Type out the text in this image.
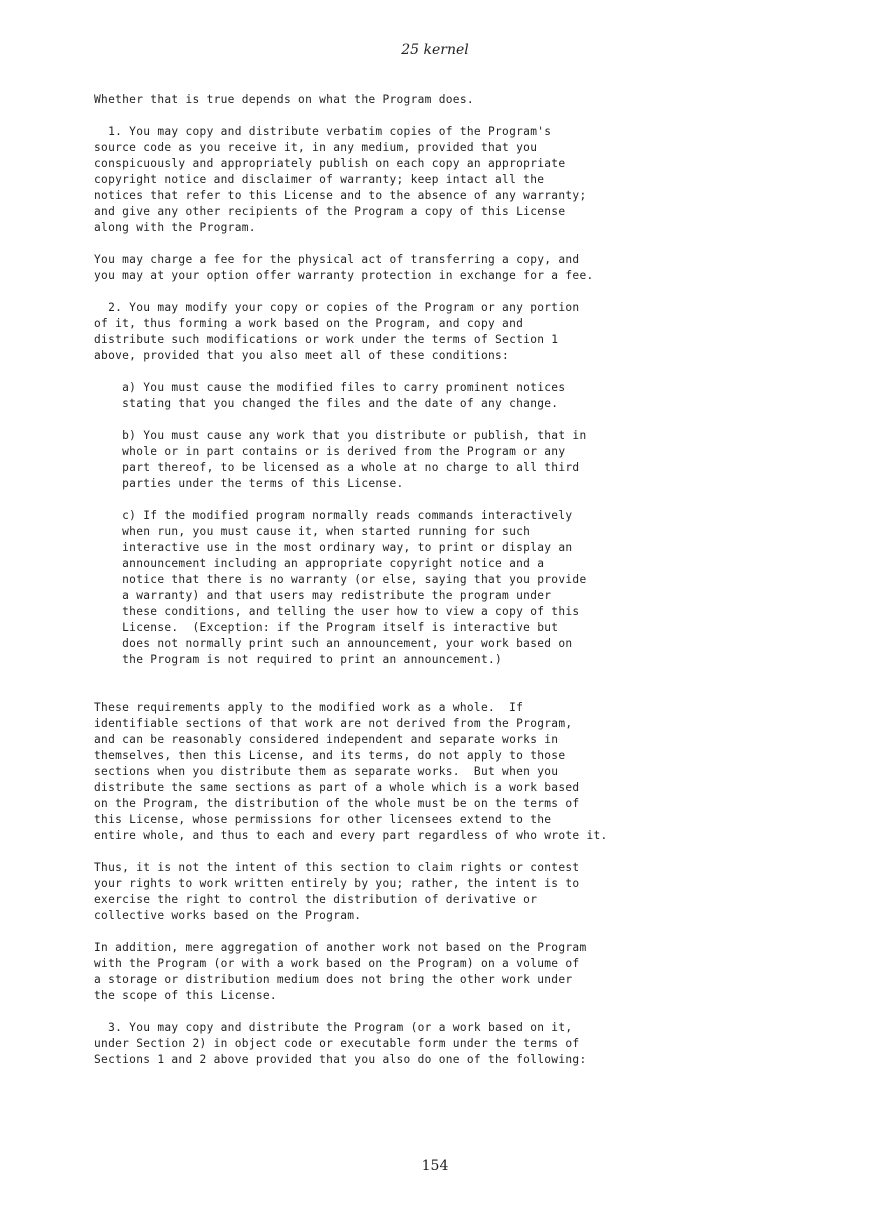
25 kernel
Whether that is true depends on what the Program does.

1. You may copy and distribute verbatim copies of the Program's
source code as you receive it, in any medium, provided that you
conspicuously and appropriately publish on each copy an appropriate
copyright notice and disclaimer of warranty; keep intact all the
notices that refer to this License and to the absence of any warranty;
and give any other recipients of the Program a copy of this License
along with the Program.

You may charge a fee for the physical act of transferring a copy, and
you may at your option offer warranty protection in exchange for a fee.

2. You may modify your copy or copies of the Program or any portion
of it, thus forming a work based on the Program, and copy and
distribute such modifications or work under the terms of Section 1
above, provided that you also meet all of these conditions:

a) You must cause the modified files to carry prominent notices
stating that you changed the files and the date of any change.

b) You must cause any work that you distribute or publish, that in
whole or in part contains or is derived from the Program or any
part thereof, to be licensed as a whole at no charge to all third
parties under the terms of this License.

c) If the modified program normally reads commands interactively
when run, you must cause it, when started running for such
interactive use in the most ordinary way, to print or display an
announcement including an appropriate copyright notice and a
notice that there is no warranty (or else, saying that you provide
a warranty) and that users may redistribute the program under
these conditions, and telling the user how to view a copy of this
License.  (Exception: if the Program itself is interactive but
does not normally print such an announcement, your work based on
the Program is not required to print an announcement.)

These requirements apply to the modified work as a whole.  If
identifiable sections of that work are not derived from the Program,
and can be reasonably considered independent and separate works in
themselves, then this License, and its terms, do not apply to those
sections when you distribute them as separate works.  But when you
distribute the same sections as part of a whole which is a work based
on the Program, the distribution of the whole must be on the terms of
this License, whose permissions for other licensees extend to the
entire whole, and thus to each and every part regardless of who wrote it.

Thus, it is not the intent of this section to claim rights or contest
your rights to work written entirely by you; rather, the intent is to
exercise the right to control the distribution of derivative or
collective works based on the Program.

In addition, mere aggregation of another work not based on the Program
with the Program (or with a work based on the Program) on a volume of
a storage or distribution medium does not bring the other work under
the scope of this License.

3. You may copy and distribute the Program (or a work based on it,
under Section 2) in object code or executable form under the terms of
Sections 1 and 2 above provided that you also do one of the following:
154
